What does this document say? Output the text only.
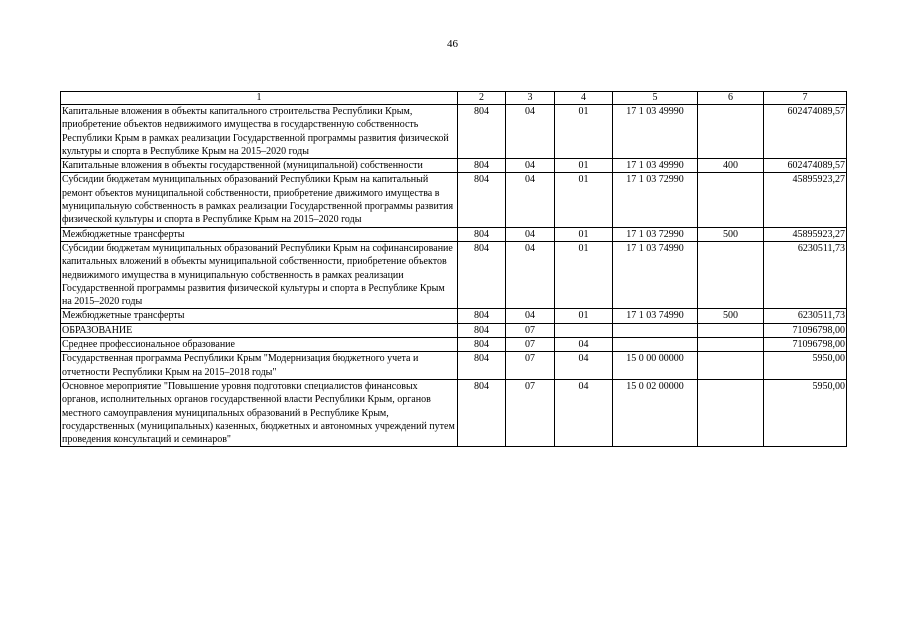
46
1	2	3	4	5	6	7
Капитальные вложения в объекты капитального строительства Республики Крым, приобретение объектов недвижимого имущества в государственную собственность Республики Крым в рамках реализации Государственной программы развития физической культуры и спорта в Республике Крым на 2015–2020 годы	804	04	01	17 1 03 49990		602474089,57
Капитальные вложения в объекты государственной (муниципальной) собственности	804	04	01	17 1 03 49990	400	602474089,57
Субсидии бюджетам муниципальных образований Республики Крым на капитальный ремонт объектов муниципальной собственности, приобретение движимого имущества в муниципальную собственность в рамках реализации Государственной программы развития физической культуры и спорта в Республике Крым на 2015–2020 годы	804	04	01	17 1 03 72990		45895923,27
Межбюджетные трансферты	804	04	01	17 1 03 72990	500	45895923,27
Субсидии бюджетам муниципальных образований Республики Крым на софинансирование капитальных вложений в объекты муниципальной собственности, приобретение объектов недвижимого имущества в муниципальную собственность в рамках реализации Государственной программы развития физической культуры и спорта в Республике Крым на 2015–2020 годы	804	04	01	17 1 03 74990		6230511,73
Межбюджетные трансферты	804	04	01	17 1 03 74990	500	6230511,73
ОБРАЗОВАНИЕ	804	07				71096798,00
Среднее профессиональное образование	804	07	04			71096798,00
Государственная программа Республики Крым "Модернизация бюджетного учета и отчетности Республики Крым на 2015–2018 годы"	804	07	04	15 0 00 00000		5950,00
Основное мероприятие "Повышение уровня подготовки специалистов финансовых органов, исполнительных органов государственной власти Республики Крым, органов местного самоуправления муниципальных образований в Республике Крым, государственных (муниципальных) казенных, бюджетных и автономных учреждений путем проведения консультаций и семинаров"	804	07	04	15 0 02 00000		5950,00
